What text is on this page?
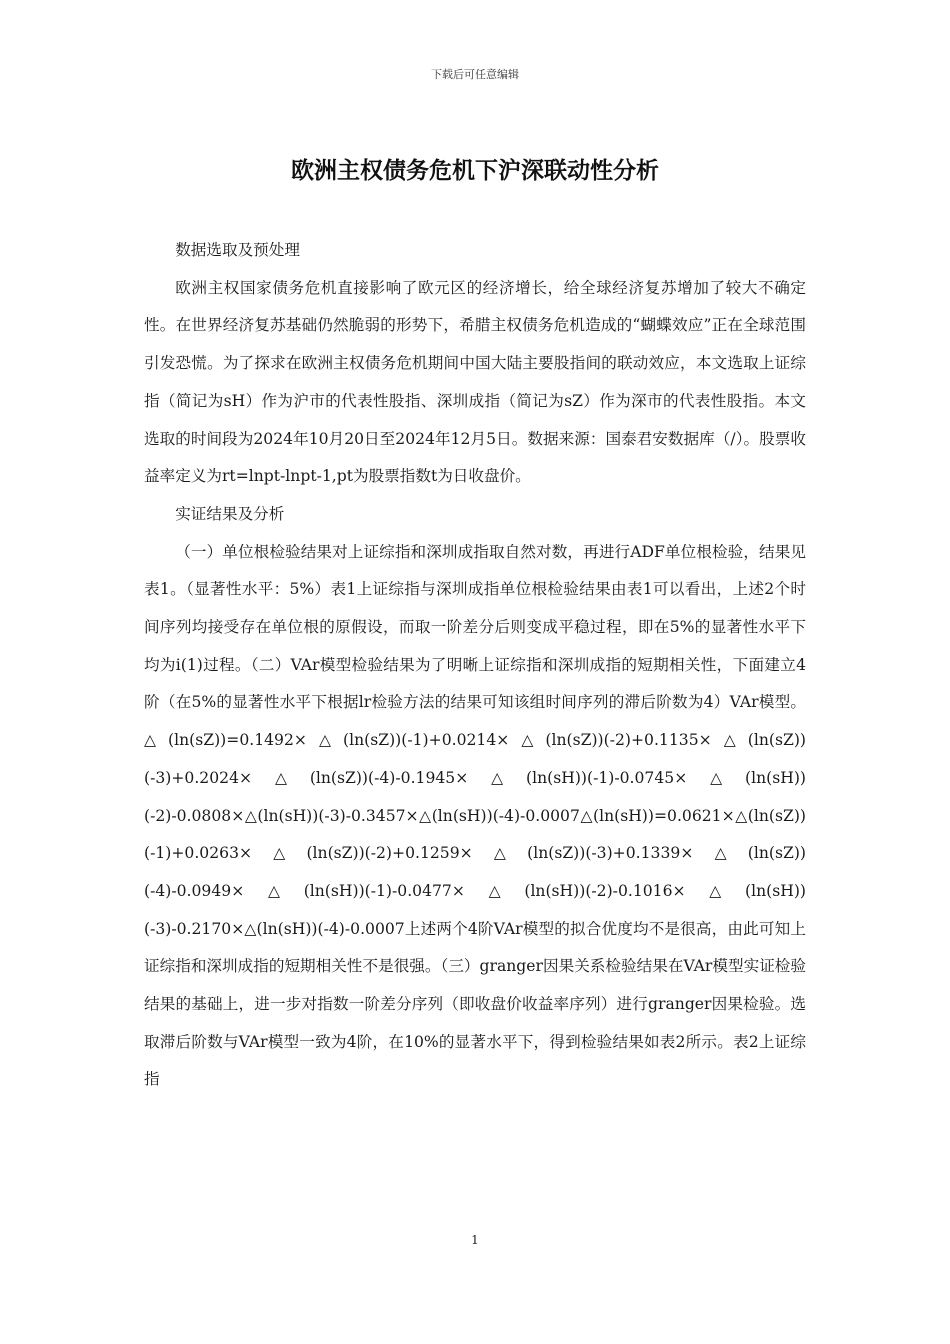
下载后可任意编辑
欧洲主权债务危机下沪深联动性分析

数据选取及预处理

欧洲主权国家债务危机直接影响了欧元区的经济增长，给全球经济复苏增加了较大不确定性。在世界经济复苏基础仍然脆弱的形势下，希腊主权债务危机造成的“蝴蝶效应”正在全球范围引发恐慌。为了探求在欧洲主权债务危机期间中国大陆主要股指间的联动效应，本文选取上证综指（简记为sH）作为沪市的代表性股指、深圳成指（简记为sZ）作为深市的代表性股指。本文选取的时间段为2024年10月20日至2024年12月5日。数据来源：国泰君安数据库（/）。股票收益率定义为rt=lnpt-lnpt-1,pt为股票指数t为日收盘价。

实证结果及分析

（一）单位根检验结果对上证综指和深圳成指取自然对数，再进行ADF单位根检验，结果见表1。（显著性水平：5%）表1上证综指与深圳成指单位根检验结果由表1可以看出，上述2个时间序列均接受存在单位根的原假设，而取一阶差分后则变成平稳过程，即在5%的显著性水平下均为i(1)过程。（二）VAr模型检验结果为了明晰上证综指和深圳成指的短期相关性，下面建立4阶（在5%的显著性水平下根据lr检验方法的结果可知该组时间序列的滞后阶数为4）VAr模型。△(ln(sZ))=0.1492×△(ln(sZ))(-1)+0.0214×△(ln(sZ))(-2)+0.1135×△(ln(sZ))(-3)+0.2024×△(ln(sZ))(-4)-0.1945×△(ln(sH))(-1)-0.0745×△(ln(sH))(-2)-0.0808×△(ln(sH))(-3)-0.3457×△(ln(sH))(-4)-0.0007△(ln(sH))=0.0621×△(ln(sZ))(-1)+0.0263×△(ln(sZ))(-2)+0.1259×△(ln(sZ))(-3)+0.1339×△(ln(sZ))(-4)-0.0949×△(ln(sH))(-1)-0.0477×△(ln(sH))(-2)-0.1016×△(ln(sH))(-3)-0.2170×△(ln(sH))(-4)-0.0007上述两个4阶VAr模型的拟合优度均不是很高，由此可知上证综指和深圳成指的短期相关性不是很强。（三）granger因果关系检验结果在VAr模型实证检验结果的基础上，进一步对指数一阶差分序列（即收盘价收益率序列）进行granger因果检验。选取滞后阶数与VAr模型一致为4阶，在10%的显著水平下，得到检验结果如表2所示。表2上证综指

1
